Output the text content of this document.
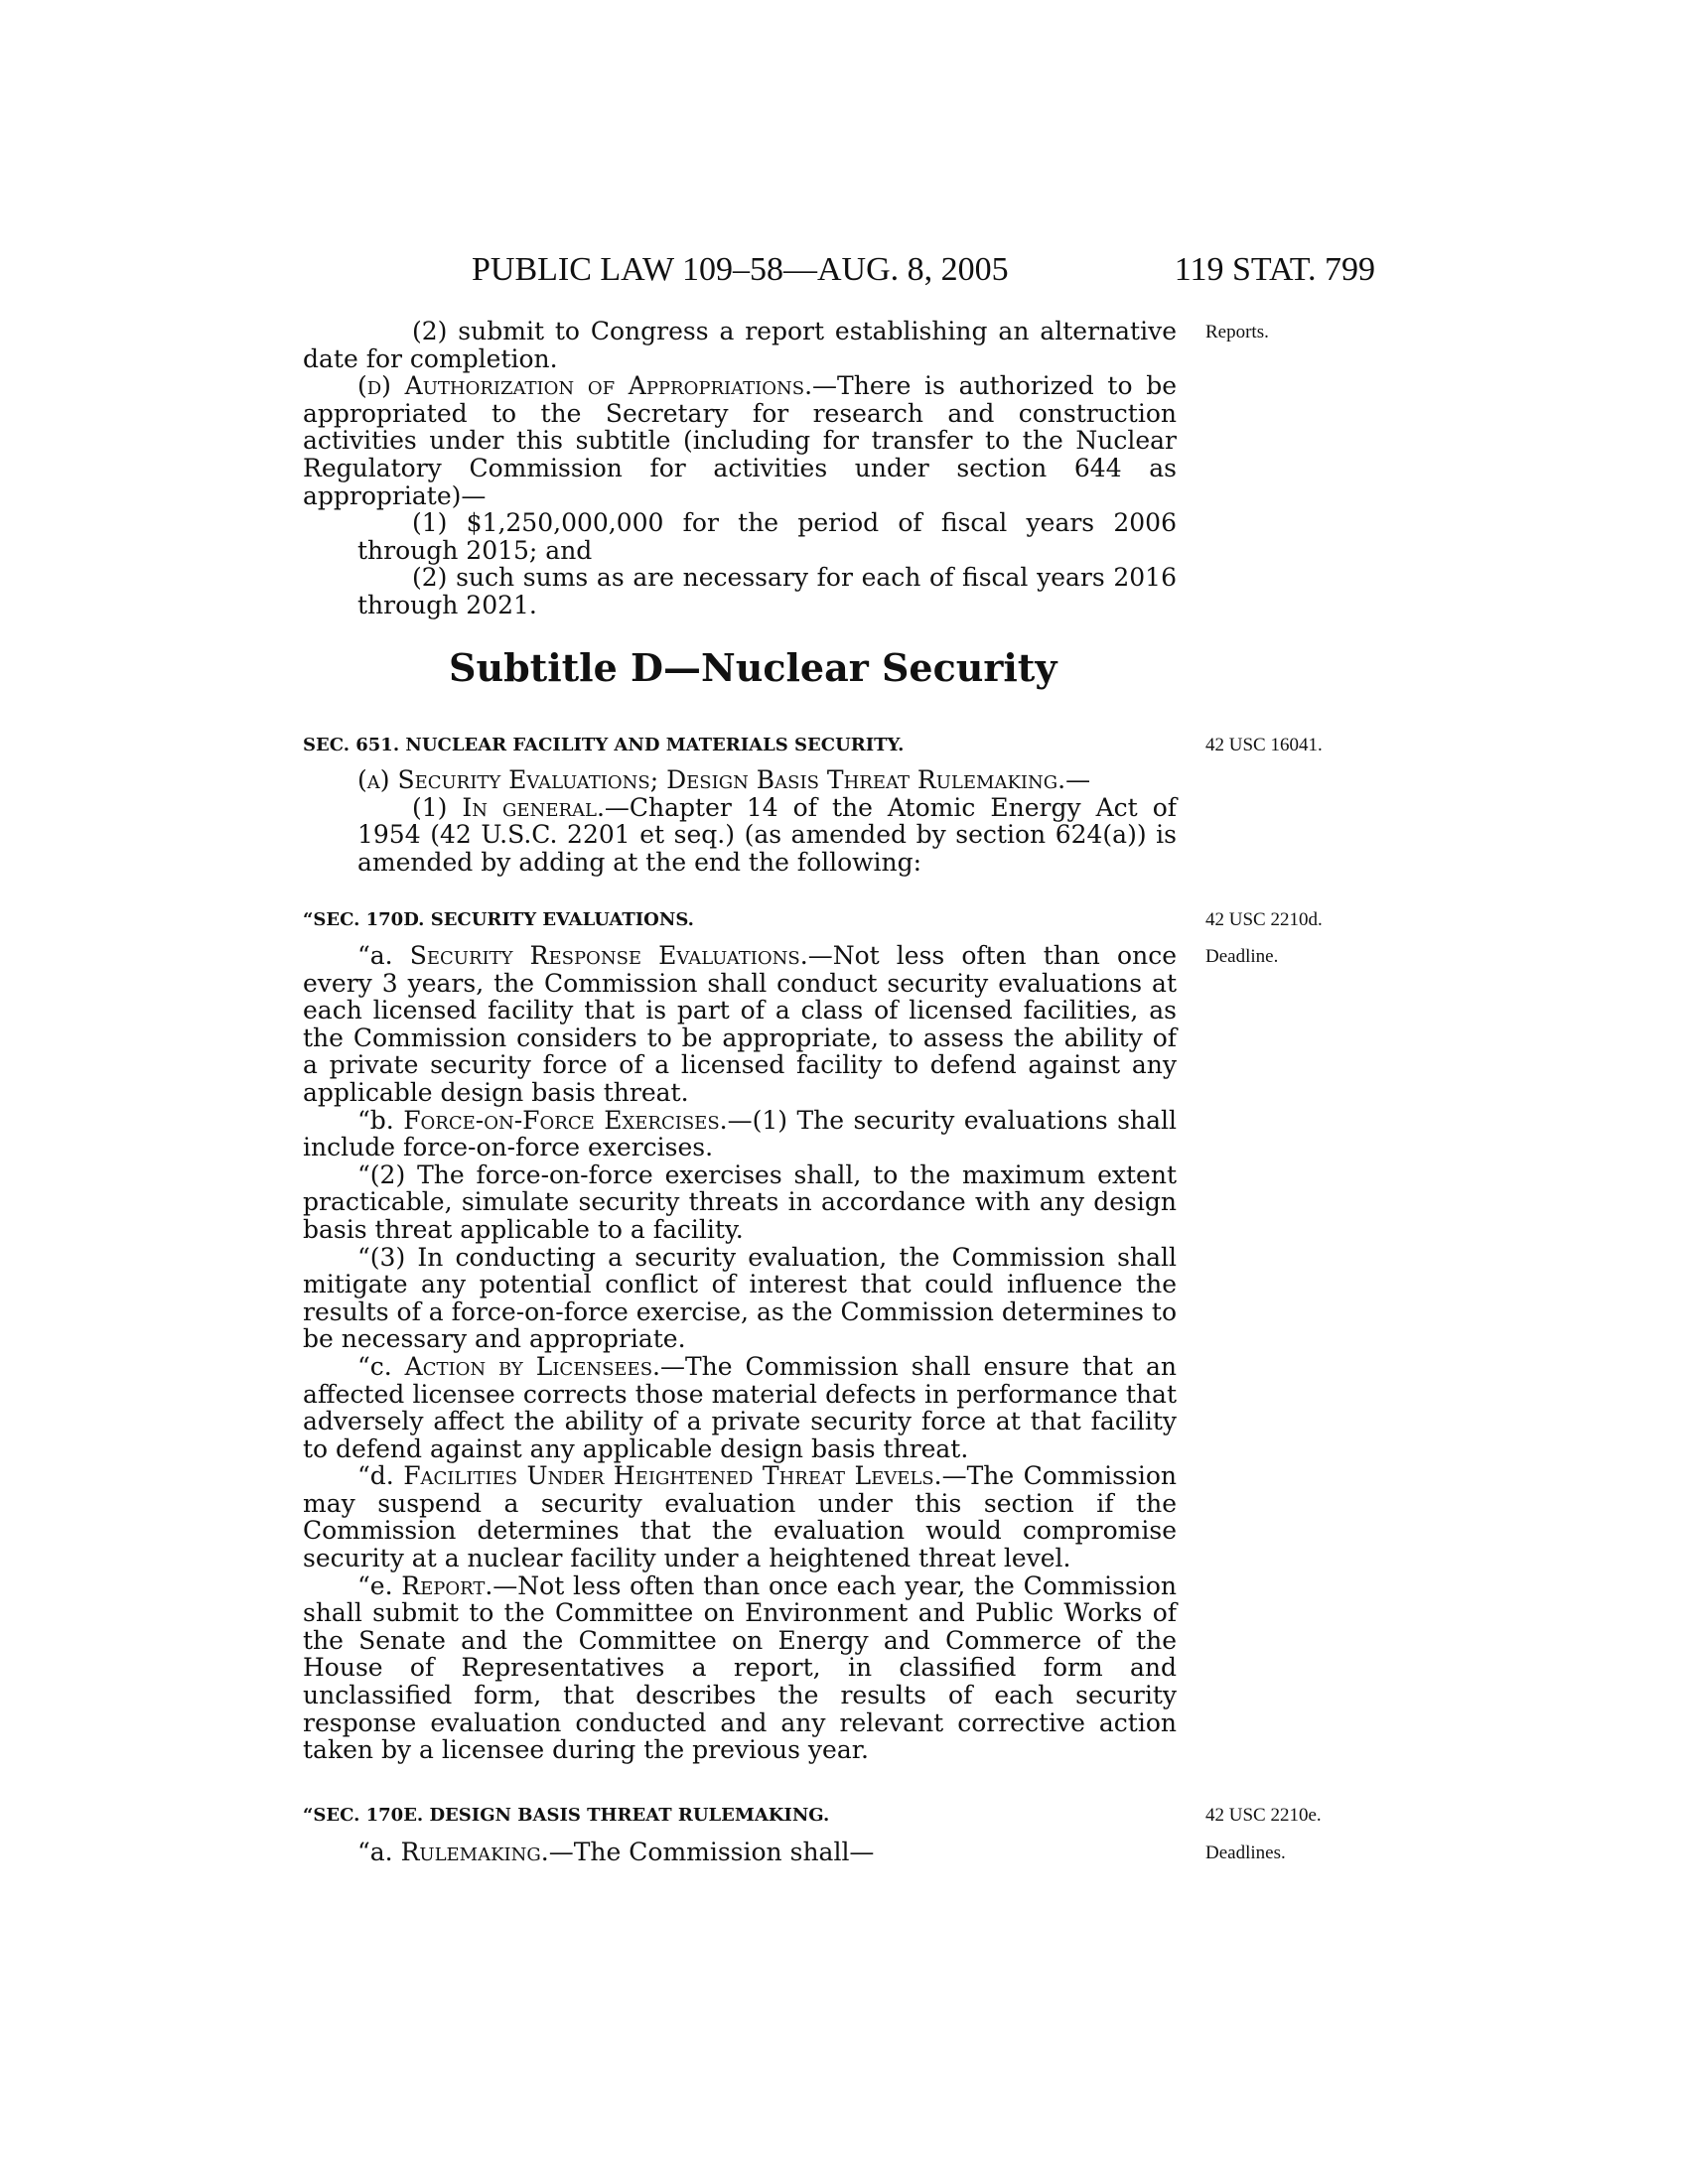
PUBLIC LAW 109–58—AUG. 8, 2005	119 STAT. 799

(2) submit to Congress a report establishing an alternative date for completion.

(d) Authorization of Appropriations.—There is authorized to be appropriated to the Secretary for research and construction activities under this subtitle (including for transfer to the Nuclear Regulatory Commission for activities under section 644 as appropriate)—

(1) $1,250,000,000 for the period of fiscal years 2006 through 2015; and

(2) such sums as are necessary for each of fiscal years 2016 through 2021.

Subtitle D—Nuclear Security
SEC. 651. NUCLEAR FACILITY AND MATERIALS SECURITY.

(a) Security Evaluations; Design Basis Threat Rulemaking.—

(1) In general.—Chapter 14 of the Atomic Energy Act of 1954 (42 U.S.C. 2201 et seq.) (as amended by section 624(a)) is amended by adding at the end the following:

“SEC. 170D. SECURITY EVALUATIONS.

“a. Security Response Evaluations.—Not less often than once every 3 years, the Commission shall conduct security evaluations at each licensed facility that is part of a class of licensed facilities, as the Commission considers to be appropriate, to assess the ability of a private security force of a licensed facility to defend against any applicable design basis threat.

“b. Force-on-Force Exercises.—(1) The security evaluations shall include force-on-force exercises.

“(2) The force-on-force exercises shall, to the maximum extent practicable, simulate security threats in accordance with any design basis threat applicable to a facility.

“(3) In conducting a security evaluation, the Commission shall mitigate any potential conflict of interest that could influence the results of a force-on-force exercise, as the Commission determines to be necessary and appropriate.

“c. Action by Licensees.—The Commission shall ensure that an affected licensee corrects those material defects in performance that adversely affect the ability of a private security force at that facility to defend against any applicable design basis threat.

“d. Facilities Under Heightened Threat Levels.—The Commission may suspend a security evaluation under this section if the Commission determines that the evaluation would compromise security at a nuclear facility under a heightened threat level.

“e. Report.—Not less often than once each year, the Commission shall submit to the Committee on Environment and Public Works of the Senate and the Committee on Energy and Commerce of the House of Representatives a report, in classified form and unclassified form, that describes the results of each security response evaluation conducted and any relevant corrective action taken by a licensee during the previous year.

“SEC. 170E. DESIGN BASIS THREAT RULEMAKING.

“a. Rulemaking.—The Commission shall—

Reports.
42 USC 16041.
42 USC 2210d.
Deadline.
42 USC 2210e.
Deadlines.
